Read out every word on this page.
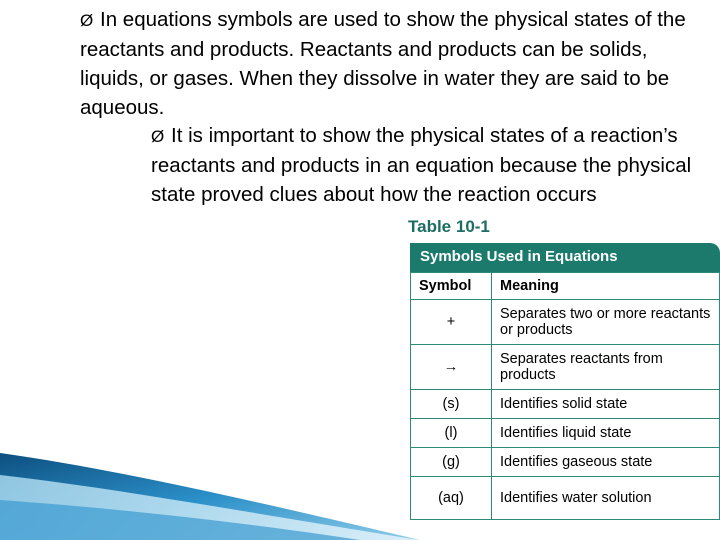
Ø In equations symbols are used to show the physical states of the reactants and products. Reactants and products can be solids, liquids, or gases. When they dissolve in water they are said to be aqueous.
Ø It is important to show the physical states of a reaction’s reactants and products in an equation because the physical state proved clues about how the reaction occurs
Table 10-1
Symbols Used in Equations
Symbol	Meaning
+	Separates two or more reactants or products
→	Separates reactants from products
(s)	Identifies solid state
(l)	Identifies liquid state
(g)	Identifies gaseous state
(aq)	Identifies water solution
